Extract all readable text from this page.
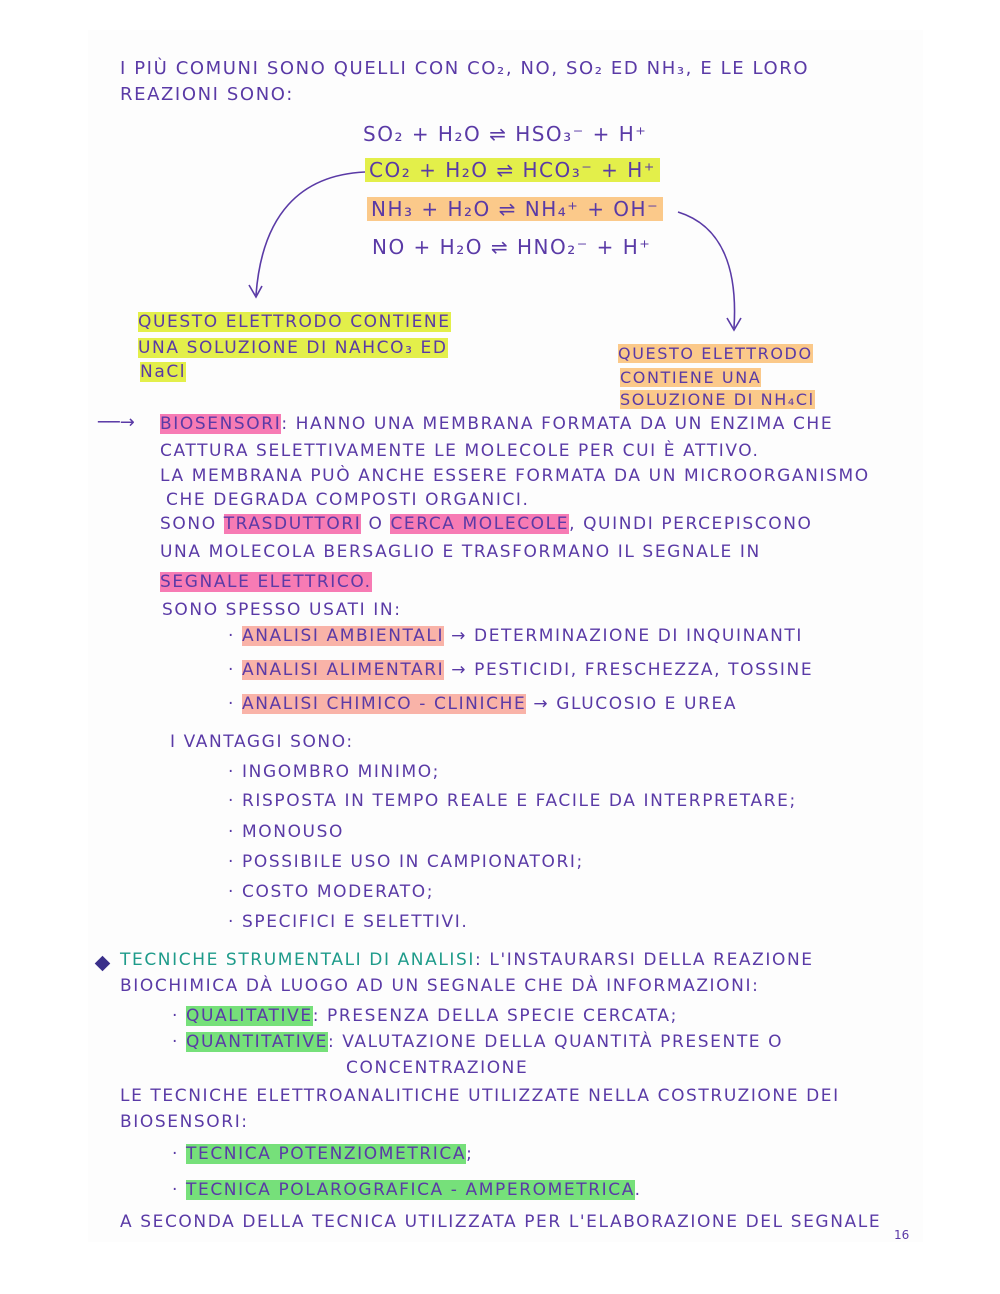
I PIÙ COMUNI SONO QUELLI CON CO₂, NO, SO₂ ED NH₃, E LE LORO
REAZIONI SONO:
SO₂ + H₂O ⇌ HSO₃⁻ + H⁺
CO₂ + H₂O ⇌ HCO₃⁻ + H⁺
NH₃ + H₂O ⇌ NH₄⁺ + OH⁻
NO + H₂O ⇌ HNO₂⁻ + H⁺
QUESTO ELETTRODO CONTIENE
UNA SOLUZIONE DI NAHCO₃ ED
NaCl
QUESTO ELETTRODO
CONTIENE UNA
SOLUZIONE DI NH₄Cl
──→ BIOSENSORI: HANNO UNA MEMBRANA FORMATA DA UN ENZIMA CHE
CATTURA SELETTIVAMENTE LE MOLECOLE PER CUI È ATTIVO.
LA MEMBRANA PUÒ ANCHE ESSERE FORMATA DA UN MICROORGANISMO
CHE DEGRADA COMPOSTI ORGANICI.
SONO TRASDUTTORI O CERCA MOLECOLE, QUINDI PERCEPISCONO
UNA MOLECOLA BERSAGLIO E TRASFORMANO IL SEGNALE IN
SEGNALE ELETTRICO.
SONO SPESSO USATI IN:
· ANALISI AMBIENTALI → DETERMINAZIONE DI INQUINANTI
· ANALISI ALIMENTARI → PESTICIDI, FRESCHEZZA, TOSSINE
· ANALISI CHIMICO - CLINICHE → GLUCOSIO E UREA
I VANTAGGI SONO:
· INGOMBRO MINIMO;
· RISPOSTA IN TEMPO REALE E FACILE DA INTERPRETARE;
· MONOUSO
· POSSIBILE USO IN CAMPIONATORI;
· COSTO MODERATO;
· SPECIFICI E SELETTIVI.
TECNICHE STRUMENTALI DI ANALISI: L'INSTAURARSI DELLA REAZIONE
BIOCHIMICA DÀ LUOGO AD UN SEGNALE CHE DÀ INFORMAZIONI:
· QUALITATIVE: PRESENZA DELLA SPECIE CERCATA;
· QUANTITATIVE: VALUTAZIONE DELLA QUANTITÀ PRESENTE O
CONCENTRAZIONE
LE TECNICHE ELETTROANALITICHE UTILIZZATE NELLA COSTRUZIONE DEI
BIOSENSORI:
· TECNICA POTENZIOMETRICA;
· TECNICA POLAROGRAFICA - AMPEROMETRICA.
A SECONDA DELLA TECNICA UTILIZZATA PER L'ELABORAZIONE DEL SEGNALE
16
